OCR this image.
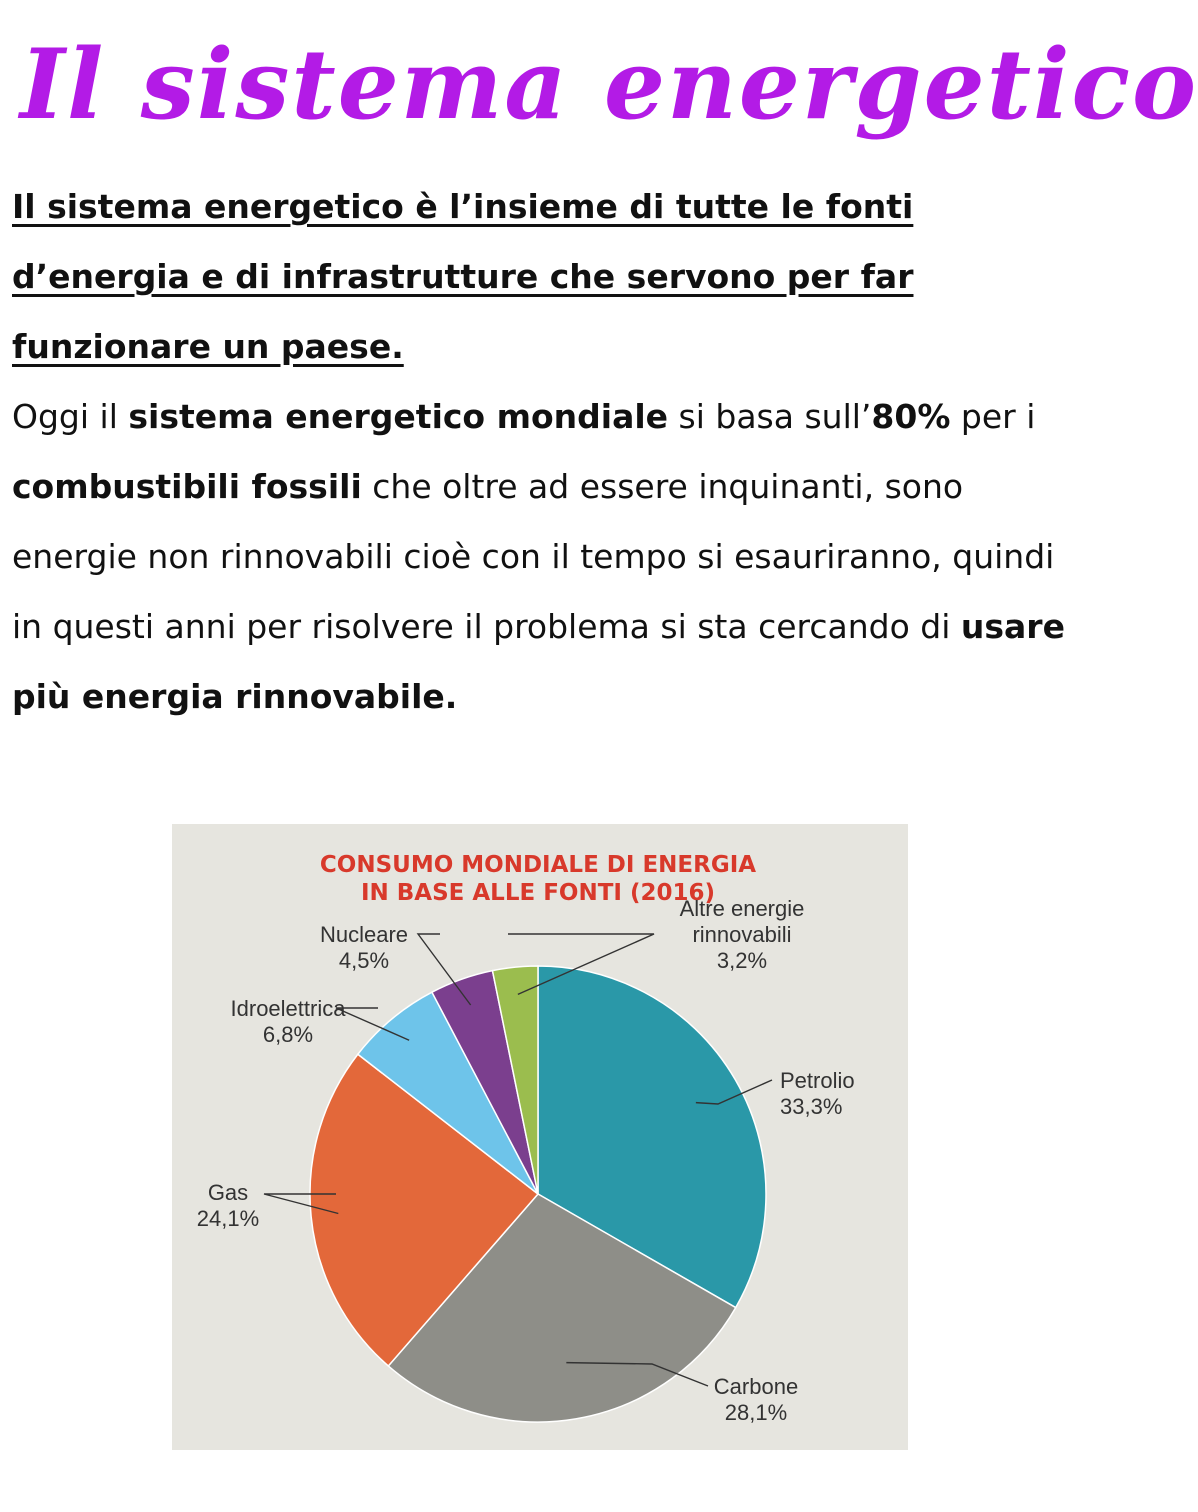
Il sistema energetico
Il sistema energetico è l’insieme di tutte le fonti d’energia e di infrastrutture che servono per far funzionare un paese.
Oggi il sistema energetico mondiale si basa sull’80% per i combustibili fossili che oltre ad essere inquinanti, sono energie non rinnovabili cioè con il tempo si esauriranno, quindi in questi anni per risolvere il problema si sta cercando di usare più energia rinnovabile.
CONSUMO MONDIALE DI ENERGIA
IN BASE ALLE FONTI (2016)
Petrolio
33,3%
Carbone
28,1%
Gas
24,1%
Idroelettrica
6,8%
Nucleare
4,5%
Altre energie
rinnovabili
3,2%
